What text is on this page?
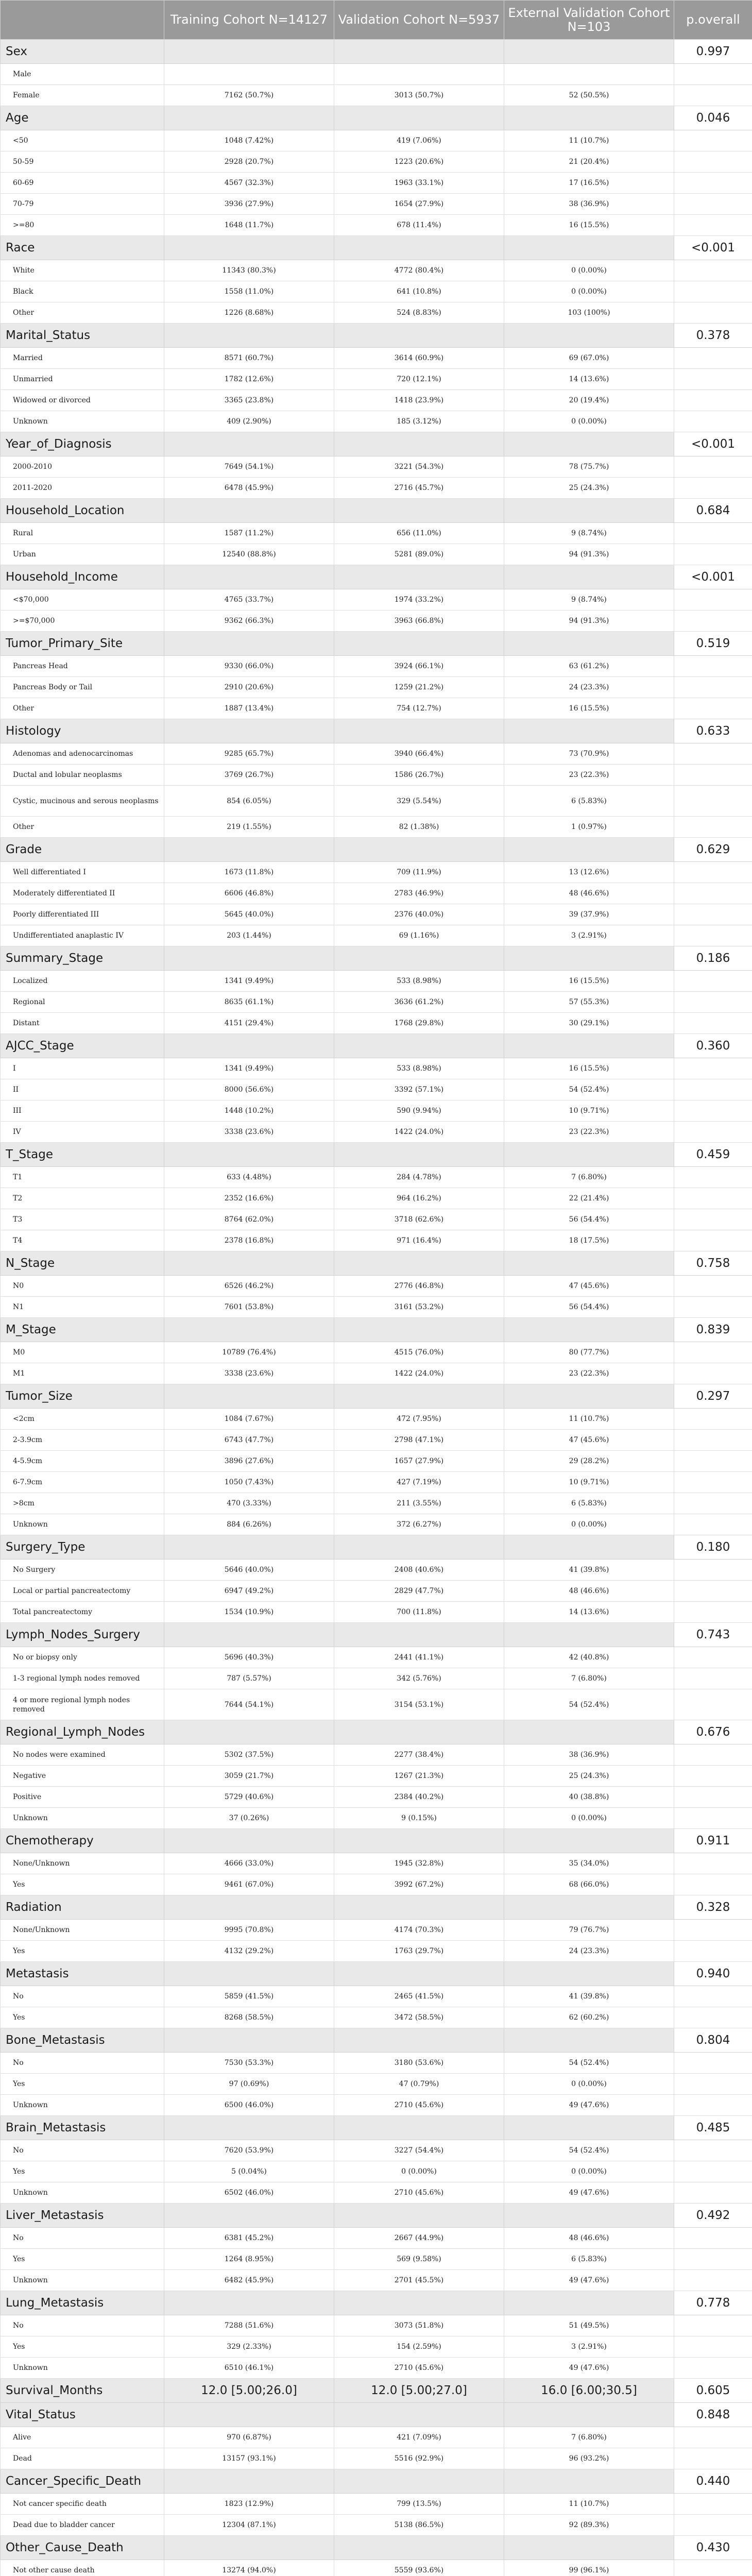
	Training Cohort N=14127	Validation Cohort N=5937	External Validation Cohort N=103	p.overall
Sex				0.997
Male				
Female	7162 (50.7%)	3013 (50.7%)	52 (50.5%)	
Age				0.046
<50	1048 (7.42%)	419 (7.06%)	11 (10.7%)	
50-59	2928 (20.7%)	1223 (20.6%)	21 (20.4%)	
60-69	4567 (32.3%)	1963 (33.1%)	17 (16.5%)	
70-79	3936 (27.9%)	1654 (27.9%)	38 (36.9%)	
>=80	1648 (11.7%)	678 (11.4%)	16 (15.5%)	
Race				<0.001
White	11343 (80.3%)	4772 (80.4%)	0 (0.00%)	
Black	1558 (11.0%)	641 (10.8%)	0 (0.00%)	
Other	1226 (8.68%)	524 (8.83%)	103 (100%)	
Marital_Status				0.378
Married	8571 (60.7%)	3614 (60.9%)	69 (67.0%)	
Unmarried	1782 (12.6%)	720 (12.1%)	14 (13.6%)	
Widowed or divorced	3365 (23.8%)	1418 (23.9%)	20 (19.4%)	
Unknown	409 (2.90%)	185 (3.12%)	0 (0.00%)	
Year_of_Diagnosis				<0.001
2000-2010	7649 (54.1%)	3221 (54.3%)	78 (75.7%)	
2011-2020	6478 (45.9%)	2716 (45.7%)	25 (24.3%)	
Household_Location				0.684
Rural	1587 (11.2%)	656 (11.0%)	9 (8.74%)	
Urban	12540 (88.8%)	5281 (89.0%)	94 (91.3%)	
Household_Income				<0.001
<$70,000	4765 (33.7%)	1974 (33.2%)	9 (8.74%)	
>=$70,000	9362 (66.3%)	3963 (66.8%)	94 (91.3%)	
Tumor_Primary_Site				0.519
Pancreas Head	9330 (66.0%)	3924 (66.1%)	63 (61.2%)	
Pancreas Body or Tail	2910 (20.6%)	1259 (21.2%)	24 (23.3%)	
Other	1887 (13.4%)	754 (12.7%)	16 (15.5%)	
Histology				0.633
Adenomas and adenocarcinomas	9285 (65.7%)	3940 (66.4%)	73 (70.9%)	
Ductal and lobular neoplasms	3769 (26.7%)	1586 (26.7%)	23 (22.3%)	
Cystic, mucinous and serous neoplasms	854 (6.05%)	329 (5.54%)	6 (5.83%)	
Other	219 (1.55%)	82 (1.38%)	1 (0.97%)	
Grade				0.629
Well differentiated I	1673 (11.8%)	709 (11.9%)	13 (12.6%)	
Moderately differentiated II	6606 (46.8%)	2783 (46.9%)	48 (46.6%)	
Poorly differentiated III	5645 (40.0%)	2376 (40.0%)	39 (37.9%)	
Undifferentiated anaplastic IV	203 (1.44%)	69 (1.16%)	3 (2.91%)	
Summary_Stage				0.186
Localized	1341 (9.49%)	533 (8.98%)	16 (15.5%)	
Regional	8635 (61.1%)	3636 (61.2%)	57 (55.3%)	
Distant	4151 (29.4%)	1768 (29.8%)	30 (29.1%)	
AJCC_Stage				0.360
I	1341 (9.49%)	533 (8.98%)	16 (15.5%)	
II	8000 (56.6%)	3392 (57.1%)	54 (52.4%)	
III	1448 (10.2%)	590 (9.94%)	10 (9.71%)	
IV	3338 (23.6%)	1422 (24.0%)	23 (22.3%)	
T_Stage				0.459
T1	633 (4.48%)	284 (4.78%)	7 (6.80%)	
T2	2352 (16.6%)	964 (16.2%)	22 (21.4%)	
T3	8764 (62.0%)	3718 (62.6%)	56 (54.4%)	
T4	2378 (16.8%)	971 (16.4%)	18 (17.5%)	
N_Stage				0.758
N0	6526 (46.2%)	2776 (46.8%)	47 (45.6%)	
N1	7601 (53.8%)	3161 (53.2%)	56 (54.4%)	
M_Stage				0.839
M0	10789 (76.4%)	4515 (76.0%)	80 (77.7%)	
M1	3338 (23.6%)	1422 (24.0%)	23 (22.3%)	
Tumor_Size				0.297
<2cm	1084 (7.67%)	472 (7.95%)	11 (10.7%)	
2-3.9cm	6743 (47.7%)	2798 (47.1%)	47 (45.6%)	
4-5.9cm	3896 (27.6%)	1657 (27.9%)	29 (28.2%)	
6-7.9cm	1050 (7.43%)	427 (7.19%)	10 (9.71%)	
>8cm	470 (3.33%)	211 (3.55%)	6 (5.83%)	
Unknown	884 (6.26%)	372 (6.27%)	0 (0.00%)	
Surgery_Type				0.180
No Surgery	5646 (40.0%)	2408 (40.6%)	41 (39.8%)	
Local or partial pancreatectomy	6947 (49.2%)	2829 (47.7%)	48 (46.6%)	
Total pancreatectomy	1534 (10.9%)	700 (11.8%)	14 (13.6%)	
Lymph_Nodes_Surgery				0.743
No or biopsy only	5696 (40.3%)	2441 (41.1%)	42 (40.8%)	
1-3 regional lymph nodes removed	787 (5.57%)	342 (5.76%)	7 (6.80%)	
4 or more regional lymph nodes removed	7644 (54.1%)	3154 (53.1%)	54 (52.4%)	
Regional_Lymph_Nodes				0.676
No nodes were examined	5302 (37.5%)	2277 (38.4%)	38 (36.9%)	
Negative	3059 (21.7%)	1267 (21.3%)	25 (24.3%)	
Positive	5729 (40.6%)	2384 (40.2%)	40 (38.8%)	
Unknown	37 (0.26%)	9 (0.15%)	0 (0.00%)	
Chemotherapy				0.911
None/Unknown	4666 (33.0%)	1945 (32.8%)	35 (34.0%)	
Yes	9461 (67.0%)	3992 (67.2%)	68 (66.0%)	
Radiation				0.328
None/Unknown	9995 (70.8%)	4174 (70.3%)	79 (76.7%)	
Yes	4132 (29.2%)	1763 (29.7%)	24 (23.3%)	
Metastasis				0.940
No	5859 (41.5%)	2465 (41.5%)	41 (39.8%)	
Yes	8268 (58.5%)	3472 (58.5%)	62 (60.2%)	
Bone_Metastasis				0.804
No	7530 (53.3%)	3180 (53.6%)	54 (52.4%)	
Yes	97 (0.69%)	47 (0.79%)	0 (0.00%)	
Unknown	6500 (46.0%)	2710 (45.6%)	49 (47.6%)	
Brain_Metastasis				0.485
No	7620 (53.9%)	3227 (54.4%)	54 (52.4%)	
Yes	5 (0.04%)	0 (0.00%)	0 (0.00%)	
Unknown	6502 (46.0%)	2710 (45.6%)	49 (47.6%)	
Liver_Metastasis				0.492
No	6381 (45.2%)	2667 (44.9%)	48 (46.6%)	
Yes	1264 (8.95%)	569 (9.58%)	6 (5.83%)	
Unknown	6482 (45.9%)	2701 (45.5%)	49 (47.6%)	
Lung_Metastasis				0.778
No	7288 (51.6%)	3073 (51.8%)	51 (49.5%)	
Yes	329 (2.33%)	154 (2.59%)	3 (2.91%)	
Unknown	6510 (46.1%)	2710 (45.6%)	49 (47.6%)	
Survival_Months	12.0 [5.00;26.0]	12.0 [5.00;27.0]	16.0 [6.00;30.5]	0.605
Vital_Status				0.848
Alive	970 (6.87%)	421 (7.09%)	7 (6.80%)	
Dead	13157 (93.1%)	5516 (92.9%)	96 (93.2%)	
Cancer_Specific_Death				0.440
Not cancer specific death	1823 (12.9%)	799 (13.5%)	11 (10.7%)	
Dead due to bladder cancer	12304 (87.1%)	5138 (86.5%)	92 (89.3%)	
Other_Cause_Death				0.430
Not other cause death	13274 (94.0%)	5559 (93.6%)	99 (96.1%)	
